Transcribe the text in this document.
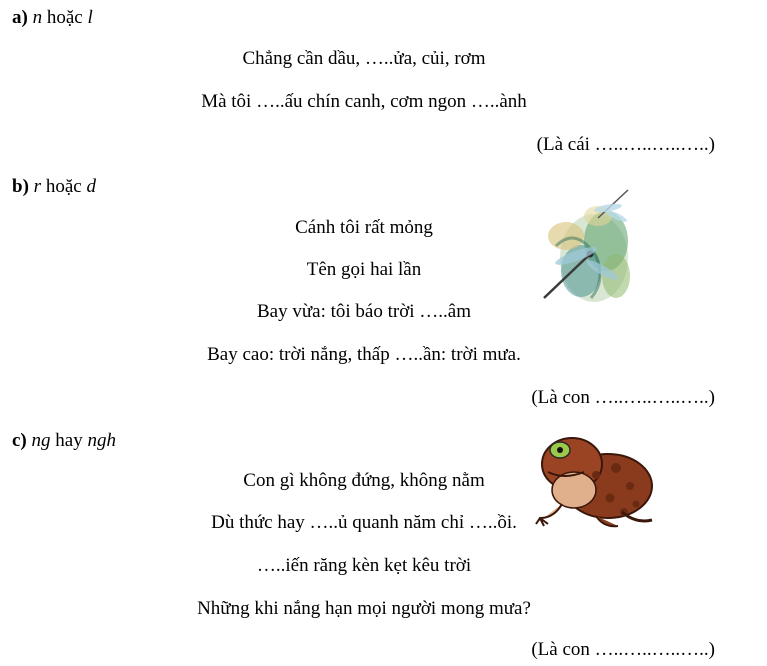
a) n hoặc l
Chẳng cần dầu, …..ửa, củi, rơm
Mà tôi …..ấu chín canh, cơm ngon …..ành
(Là cái …..…..…..…..)
b) r hoặc d
Cánh tôi rất mỏng
Tên gọi hai lần
Bay vừa: tôi báo trời …..âm
Bay cao: trời nắng, thấp …..ần: trời mưa.
(Là con …..…..…..…..)
c) ng hay ngh
Con gì không đứng, không nằm
Dù thức hay …..ủ quanh năm chỉ …..ồi.
…..iến răng kèn kẹt kêu trời
Những khi nắng hạn mọi người mong mưa?
(Là con …..…..…..…..)
